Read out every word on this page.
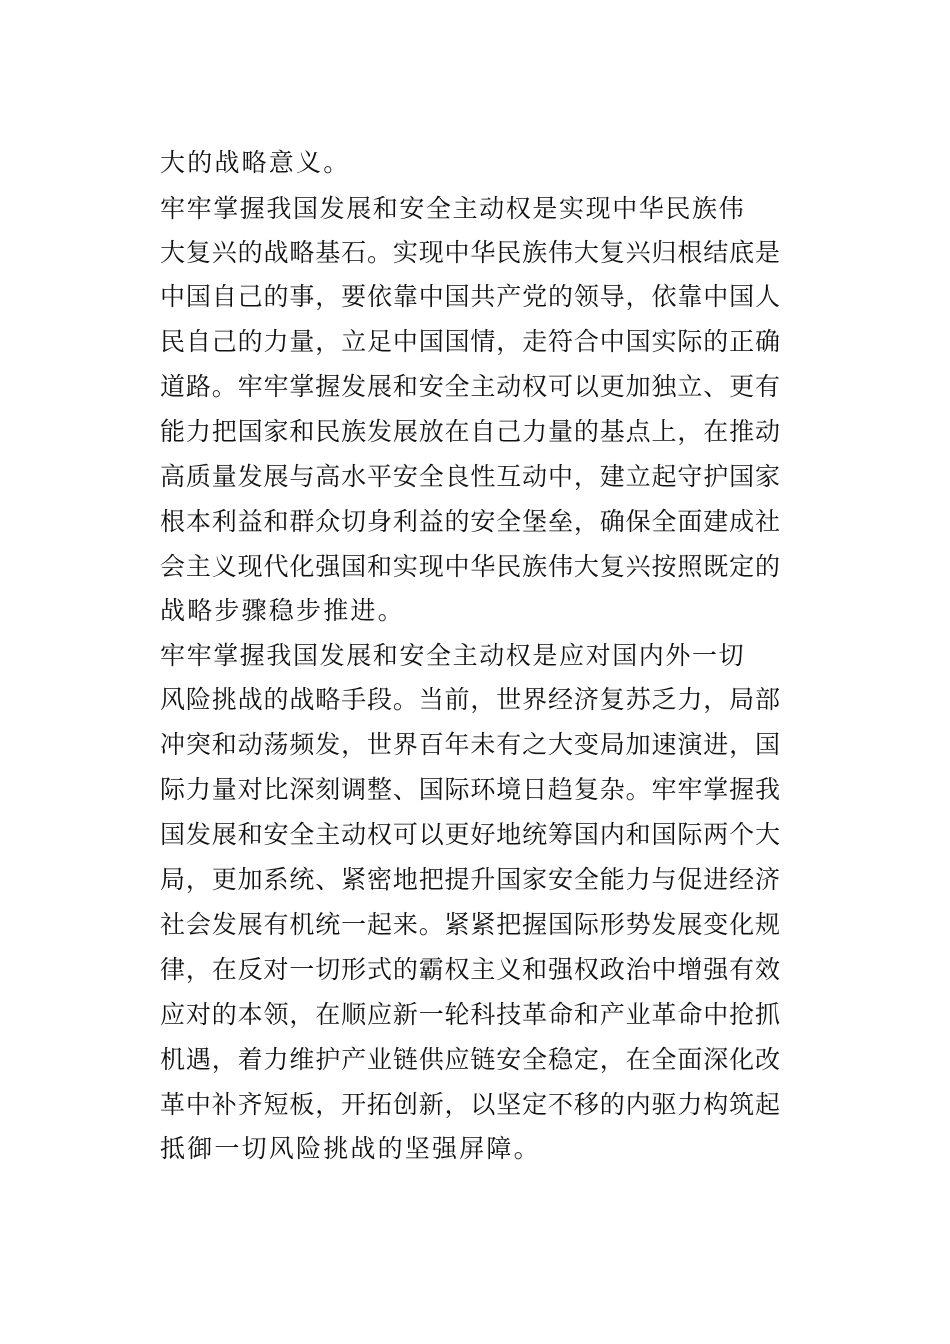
大的战略意义。
牢牢掌握我国发展和安全主动权是实现中华民族伟
大复兴的战略基石。实现中华民族伟大复兴归根结底是
中国自己的事，要依靠中国共产党的领导，依靠中国人
民自己的力量，立足中国国情，走符合中国实际的正确
道路。牢牢掌握发展和安全主动权可以更加独立、更有
能力把国家和民族发展放在自己力量的基点上，在推动
高质量发展与高水平安全良性互动中，建立起守护国家
根本利益和群众切身利益的安全堡垒，确保全面建成社
会主义现代化强国和实现中华民族伟大复兴按照既定的
战略步骤稳步推进。
牢牢掌握我国发展和安全主动权是应对国内外一切
风险挑战的战略手段。当前，世界经济复苏乏力，局部
冲突和动荡频发，世界百年未有之大变局加速演进，国
际力量对比深刻调整、国际环境日趋复杂。牢牢掌握我
国发展和安全主动权可以更好地统筹国内和国际两个大
局，更加系统、紧密地把提升国家安全能力与促进经济
社会发展有机统一起来。紧紧把握国际形势发展变化规
律，在反对一切形式的霸权主义和强权政治中增强有效
应对的本领，在顺应新一轮科技革命和产业革命中抢抓
机遇，着力维护产业链供应链安全稳定，在全面深化改
革中补齐短板，开拓创新，以坚定不移的内驱力构筑起
抵御一切风险挑战的坚强屏障。
